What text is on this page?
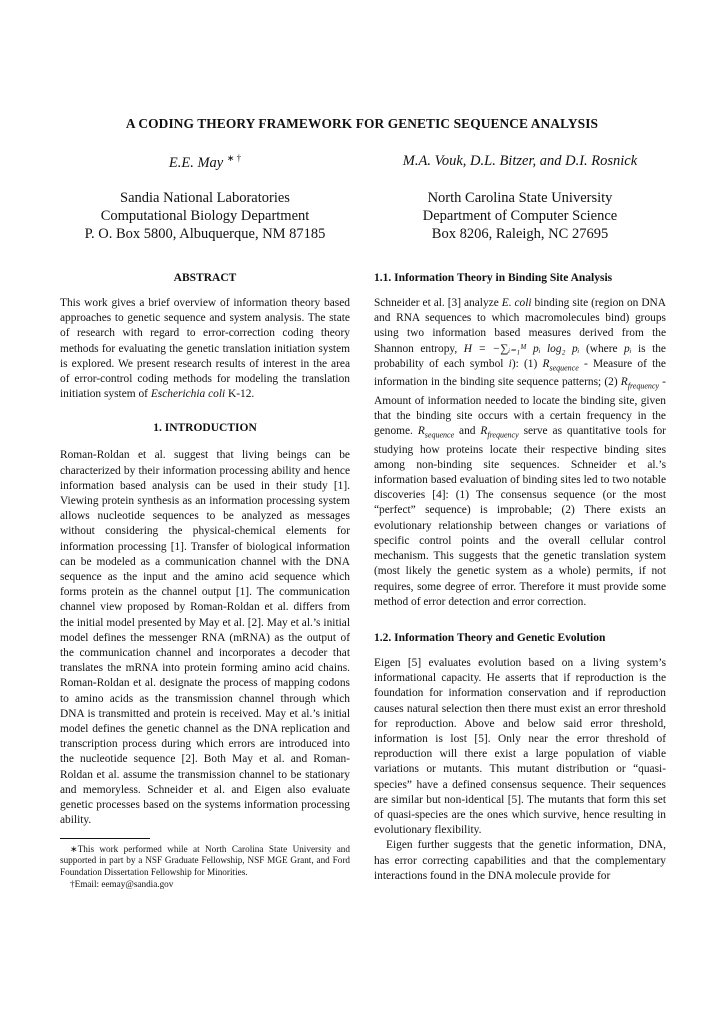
A CODING THEORY FRAMEWORK FOR GENETIC SEQUENCE ANALYSIS
E.E. May ∗ †	M.A. Vouk, D.L. Bitzer, and D.I. Rosnick
Sandia National Laboratories
Computational Biology Department
P. O. Box 5800, Albuquerque, NM 87185
North Carolina State University
Department of Computer Science
Box 8206, Raleigh, NC 27695

ABSTRACT

This work gives a brief overview of information theory based approaches to genetic sequence and system analysis. The state of research with regard to error-correction coding theory methods for evaluating the genetic translation initiation system is explored. We present research results of interest in the area of error-control coding methods for modeling the translation initiation system of Escherichia coli K-12.

1. INTRODUCTION

Roman-Roldan et al. suggest that living beings can be characterized by their information processing ability and hence information based analysis can be used in their study [1]. Viewing protein synthesis as an information processing system allows nucleotide sequences to be analyzed as messages without considering the physical-chemical elements for information processing [1]. Transfer of biological information can be modeled as a communication channel with the DNA sequence as the input and the amino acid sequence which forms protein as the channel output [1]. The communication channel view proposed by Roman-Roldan et al. differs from the initial model presented by May et al. [2]. May et al.’s initial model defines the messenger RNA (mRNA) as the output of the communication channel and incorporates a decoder that translates the mRNA into protein forming amino acid chains. Roman-Roldan et al. designate the process of mapping codons to amino acids as the transmission channel through which DNA is transmitted and protein is received. May et al.’s initial model defines the genetic channel as the DNA replication and transcription process during which errors are introduced into the nucleotide sequence [2]. Both May et al. and Roman-Roldan et al. assume the transmission channel to be stationary and memoryless. Schneider et al. and Eigen also evaluate genetic processes based on the systems information processing ability.

∗This work performed while at North Carolina State University and supported in part by a NSF Graduate Fellowship, NSF MGE Grant, and Ford Foundation Dissertation Fellowship for Minorities.

†Email: eemay@sandia.gov

1.1. Information Theory in Binding Site Analysis

Schneider et al. [3] analyze E. coli binding site (region on DNA and RNA sequences to which macromolecules bind) groups using two information based measures derived from the Shannon entropy, H = −∑ᵢ₌₁ᴹ pᵢ log₂ pᵢ (where pᵢ is the probability of each symbol i): (1) $R_{sequence}$ - Measure of the information in the binding site sequence patterns; (2) $R_{frequency}$ - Amount of information needed to locate the binding site, given that the binding site occurs with a certain frequency in the genome. $R_{sequence}$ and $R_{frequency}$ serve as quantitative tools for studying how proteins locate their respective binding sites among non-binding site sequences. Schneider et al.’s information based evaluation of binding sites led to two notable discoveries [4]: (1) The consensus sequence (or the most “perfect” sequence) is improbable; (2) There exists an evolutionary relationship between changes or variations of specific control points and the overall cellular control mechanism. This suggests that the genetic translation system (most likely the genetic system as a whole) permits, if not requires, some degree of error. Therefore it must provide some method of error detection and error correction.

1.2. Information Theory and Genetic Evolution

Eigen [5] evaluates evolution based on a living system’s informational capacity. He asserts that if reproduction is the foundation for information conservation and if reproduction causes natural selection then there must exist an error threshold for reproduction. Above and below said error threshold, information is lost [5]. Only near the error threshold of reproduction will there exist a large population of viable variations or mutants. This mutant distribution or “quasi-species” have a defined consensus sequence. Their sequences are similar but non-identical [5]. The mutants that form this set of quasi-species are the ones which survive, hence resulting in evolutionary flexibility.

Eigen further suggests that the genetic information, DNA, has error correcting capabilities and that the complementary interactions found in the DNA molecule provide for
